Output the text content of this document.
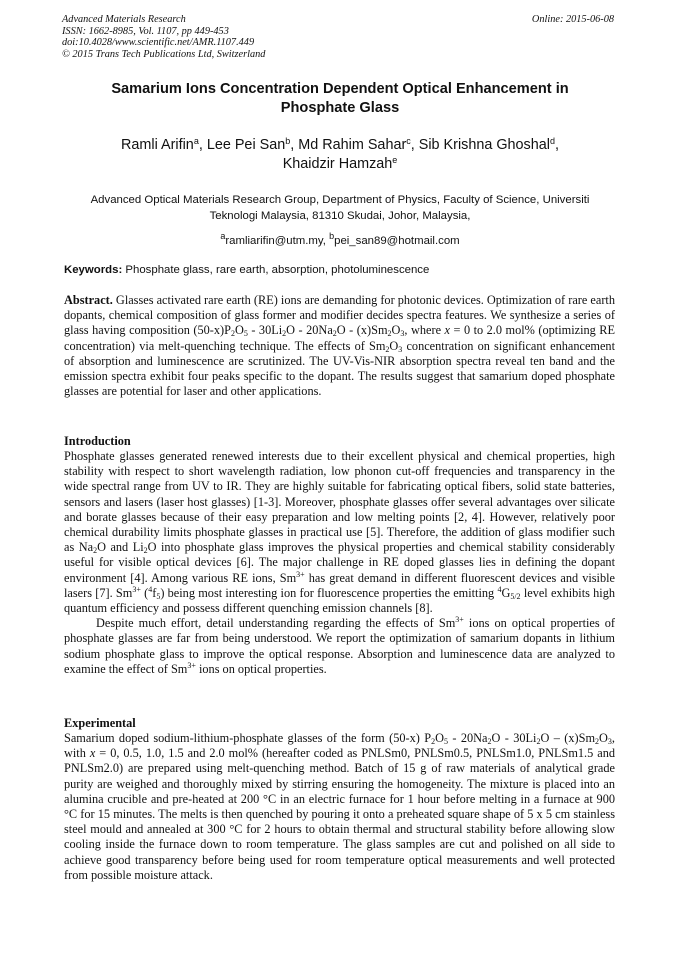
Advanced Materials Research
ISSN: 1662-8985, Vol. 1107, pp 449-453
doi:10.4028/www.scientific.net/AMR.1107.449
© 2015 Trans Tech Publications Ltd, Switzerland
Online: 2015-06-08
Samarium Ions Concentration Dependent Optical Enhancement in
Phosphate Glass
Ramli Arifin$^a$, Lee Pei San$^b$, Md Rahim Sahar$^c$, Sib Krishna Ghoshal$^d$,
Khaidzir Hamzah$^e$
Advanced Optical Materials Research Group, Department of Physics, Faculty of Science, Universiti
Teknologi Malaysia, 81310 Skudai, Johor, Malaysia,
$^a$ramliarifin@utm.my, $^b$pei_san89@hotmail.com
Keywords: Phosphate glass, rare earth, absorption, photoluminescence

Abstract. Glasses activated rare earth (RE) ions are demanding for photonic devices. Optimization of rare earth dopants, chemical composition of glass former and modifier decides spectra features. We synthesize a series of glass having composition $(50-x)P_2O_5 - 30Li_2O - 20Na_2O - (x)Sm_2O_3$, where x = 0 to 2.0 mol% (optimizing RE concentration) via melt-quenching technique. The effects of $Sm_2O_3$ concentration on significant enhancement of absorption and luminescence are scrutinized. The UV-Vis-NIR absorption spectra reveal ten band and the emission spectra exhibit four peaks specific to the dopant. The results suggest that samarium doped phosphate glasses are potential for laser and other applications.

Introduction

Phosphate glasses generated renewed interests due to their excellent physical and chemical properties, high stability with respect to short wavelength radiation, low phonon cut-off frequencies and transparency in the wide spectral range from UV to IR. They are highly suitable for fabricating optical fibers, solid state batteries, sensors and lasers (laser host glasses) [1-3]. Moreover, phosphate glasses offer several advantages over silicate and borate glasses because of their easy preparation and low melting points [2, 4]. However, relatively poor chemical durability limits phosphate glasses in practical use [5]. Therefore, the addition of glass modifier such as $Na_2O$ and $Li_2O$ into phosphate glass improves the physical properties and chemical stability considerably useful for visible optical devices [6]. The major challenge in RE doped glasses lies in defining the dopant environment [4]. Among various RE ions, $Sm^{3+}$ has great demand in different fluorescent devices and visible lasers [7]. $Sm^{3+}$ $(^4f_5)$ being most interesting ion for fluorescence properties the emitting $^4G_{5/2}$ level exhibits high quantum efficiency and possess different quenching emission channels [8].

Despite much effort, detail understanding regarding the effects of $Sm^{3+}$ ions on optical properties of phosphate glasses are far from being understood. We report the optimization of samarium dopants in lithium sodium phosphate glass to improve the optical response. Absorption and luminescence data are analyzed to examine the effect of $Sm^{3+}$ ions on optical properties.

Experimental

Samarium doped sodium-lithium-phosphate glasses of the form (50-x) $P_2O_5 - 20Na_2O - 30Li_2O - (x)Sm_2O_3$, with x = 0, 0.5, 1.0, 1.5 and 2.0 mol% (hereafter coded as PNLSm0, PNLSm0.5, PNLSm1.0, PNLSm1.5 and PNLSm2.0) are prepared using melt-quenching method. Batch of 15 g of raw materials of analytical grade purity are weighed and thoroughly mixed by stirring ensuring the homogeneity. The mixture is placed into an alumina crucible and pre-heated at 200 °C in an electric furnace for 1 hour before melting in a furnace at 900 °C for 15 minutes. The melts is then quenched by pouring it onto a preheated square shape of 5 x 5 cm stainless steel mould and annealed at 300 °C for 2 hours to obtain thermal and structural stability before allowing slow cooling inside the furnace down to room temperature. The glass samples are cut and polished on all side to achieve good transparency before being used for room temperature optical measurements and well protected from possible moisture attack.
